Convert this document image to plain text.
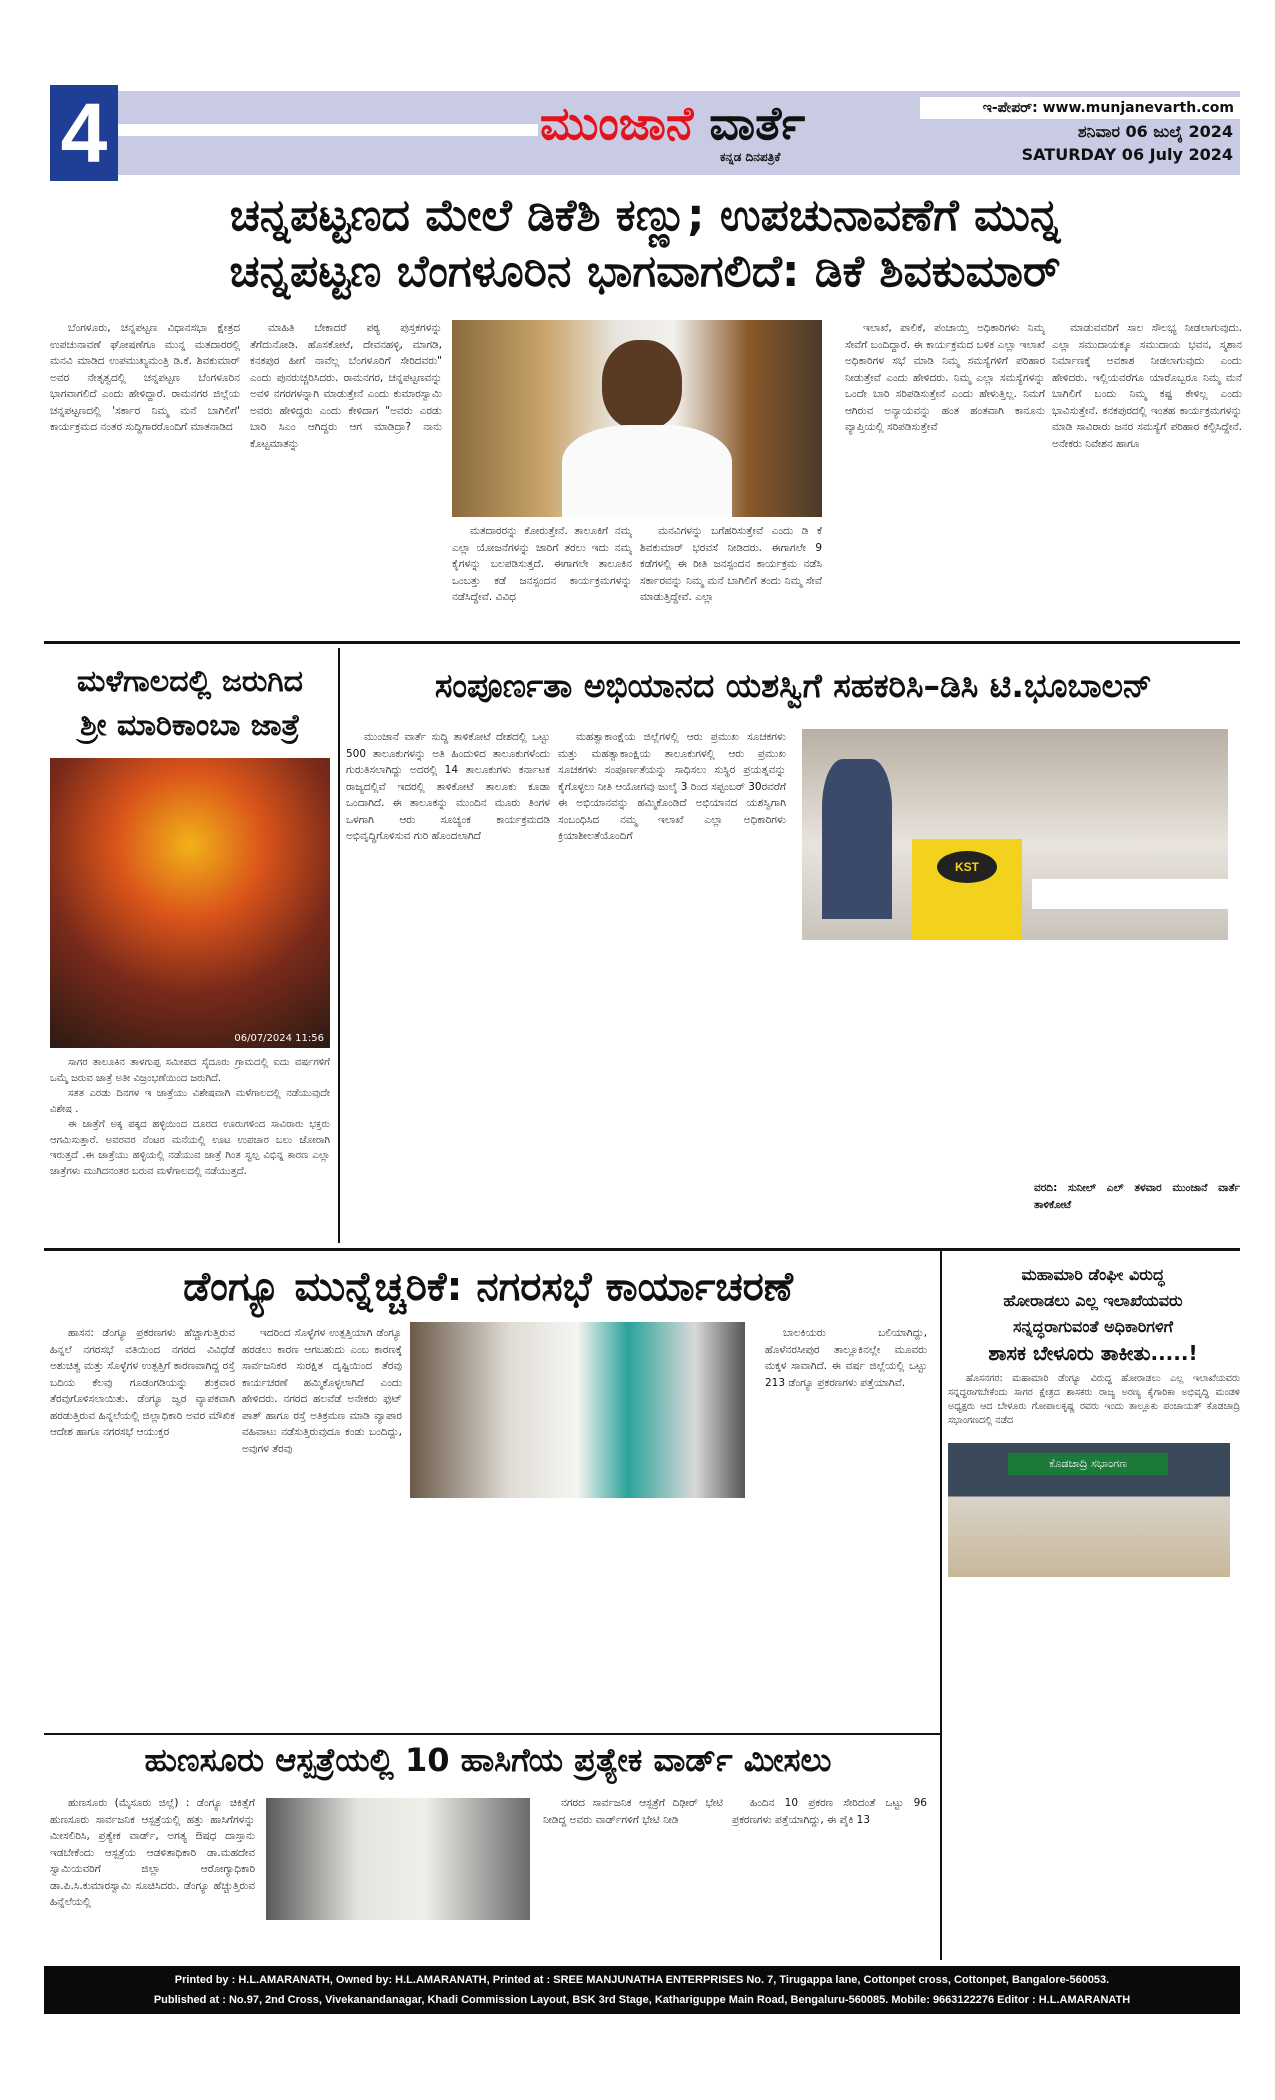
4	ಮುಂಜಾನೆ ವಾರ್ತೆ
ಕನ್ನಡ ದಿನಪತ್ರಿಕೆ
ಇ-ಪೇಪರ್: www.munjanevarth.com
ಶನಿವಾರ 06 ಜುಲೈ 2024
SATURDAY 06 July 2024
ಚನ್ನಪಟ್ಟಣದ ಮೇಲೆ ಡಿಕೆಶಿ ಕಣ್ಣು; ಉಪಚುನಾವಣೆಗೆ ಮುನ್ನ
ಚನ್ನಪಟ್ಟಣ ಬೆಂಗಳೂರಿನ ಭಾಗವಾಗಲಿದೆ: ಡಿಕೆ ಶಿವಕುಮಾರ್

ಬೆಂಗಳೂರು, ಚನ್ನಪಟ್ಟಣ ವಿಧಾನಸಭಾ ಕ್ಷೇತ್ರದ ಉಪಚುನಾವಣೆ ಘೋಷಣೆಗೂ ಮುನ್ನ ಮತದಾರರಲ್ಲಿ ಮನವಿ ಮಾಡಿದ ಉಪಮುಖ್ಯಮಂತ್ರಿ ಡಿ.ಕೆ. ಶಿವಕುಮಾರ್ ಅವರ ನೇತೃತ್ವದಲ್ಲಿ ಚನ್ನಪಟ್ಟಣ ಬೆಂಗಳೂರಿನ ಭಾಗವಾಗಲಿದೆ ಎಂದು ಹೇಳಿದ್ದಾರೆ. ರಾಮನಗರ ಜಿಲ್ಲೆಯ ಚನ್ನಪಟ್ಟಣದಲ್ಲಿ 'ಸರ್ಕಾರ ನಿಮ್ಮ ಮನೆ ಬಾಗಿಲಿಗೆ' ಕಾರ್ಯಕ್ರಮದ ನಂತರ ಸುದ್ದಿಗಾರರೊಂದಿಗೆ ಮಾತನಾಡಿದ

ಮಾಹಿತಿ ಬೇಕಾದರೆ ಪಠ್ಯ ಪುಸ್ತಕಗಳನ್ನು ತೆಗೆದುನೋಡಿ. ಹೊಸಕೋಟೆ, ದೇವನಹಳ್ಳಿ, ಮಾಗಡಿ, ಕನಕಪುರ ಹೀಗೆ ನಾವೆಲ್ಲ ಬೆಂಗಳೂರಿಗೆ ಸೇರಿದವರು" ಎಂದು ಪುನರುಚ್ಚರಿಸಿದರು. ರಾಮನಗರ, ಚನ್ನಪಟ್ಟಣವನ್ನು ಅವಳಿ ನಗರಗಳನ್ನಾಗಿ ಮಾಡುತ್ತೇನೆ ಎಂದು ಕುಮಾರಸ್ವಾಮಿ ಅವರು ಹೇಳಿದ್ದರು ಎಂದು ಕೇಳಿದಾಗ "ಅವರು ಎರಡು ಬಾರಿ ಸಿಎಂ ಆಗಿದ್ದರು ಆಗ ಮಾಡಿದ್ರಾ? ನಾನು ಕೊಟ್ಟಮಾತನ್ನು

ಮತದಾರರನ್ನು ಕೋರುತ್ತೇನೆ. ತಾಲೂಕಿಗೆ ನಮ್ಮ ಎಲ್ಲಾ ಯೋಜನೆಗಳನ್ನು ಜಾರಿಗೆ ತರಲು ಇದು ನಮ್ಮ ಕೈಗಳನ್ನು ಬಲಪಡಿಸುತ್ತದೆ. ಈಗಾಗಲೇ ತಾಲೂಕಿನ ಒಂಬತ್ತು ಕಡೆ ಜನಸ್ಪಂದನ ಕಾರ್ಯಕ್ರಮಗಳನ್ನು ನಡೆಸಿದ್ದೇವೆ. ವಿವಿಧ

ಮನವಿಗಳನ್ನು ಬಗೆಹರಿಸುತ್ತೇವೆ ಎಂದು ಡಿ ಕೆ ಶಿವಕುಮಾರ್ ಭರವಸೆ ನೀಡಿದರು. ಈಗಾಗಲೇ 9 ಕಡೆಗಳಲ್ಲಿ ಈ ರೀತಿ ಜನಸ್ಪಂದನ ಕಾರ್ಯಕ್ರಮ ನಡೆಸಿ ಸರ್ಕಾರವನ್ನು ನಿಮ್ಮ ಮನೆ ಬಾಗಿಲಿಗೆ ತಂದು ನಿಮ್ಮ ಸೇವೆ ಮಾಡುತ್ತಿದ್ದೇವೆ. ಎಲ್ಲಾ

ಇಲಾಖೆ, ಪಾಲಿಕೆ, ಪಂಚಾಯ್ತಿ ಅಧಿಕಾರಿಗಳು ನಿಮ್ಮ ಸೇವೆಗೆ ಬಂದಿದ್ದಾರೆ. ಈ ಕಾರ್ಯಕ್ರಮದ ಬಳಿಕ ಎಲ್ಲಾ ಇಲಾಖೆ ಅಧಿಕಾರಿಗಳ ಸಭೆ ಮಾಡಿ ನಿಮ್ಮ ಸಮಸ್ಯೆಗಳಿಗೆ ಪರಿಹಾರ ನೀಡುತ್ತೇವೆ ಎಂದು ಹೇಳಿದರು. ನಿಮ್ಮ ಎಲ್ಲಾ ಸಮಸ್ಯೆಗಳನ್ನು ಒಂದೇ ಬಾರಿ ಸರಿಪಡಿಸುತ್ತೇನೆ ಎಂದು ಹೇಳುತ್ತಿಲ್ಲ. ನಿಮಗೆ ಆಗಿರುವ ಅನ್ಯಾಯವನ್ನು ಹಂತ ಹಂತವಾಗಿ ಕಾನೂನು ವ್ಯಾಪ್ತಿಯಲ್ಲಿ ಸರಿಪಡಿಸುತ್ತೇವೆ

ಮಾಡುವವರಿಗೆ ಸಾಲ ಸೌಲಭ್ಯ ನೀಡಲಾಗುವುದು. ಎಲ್ಲಾ ಸಮುದಾಯಕ್ಕೂ ಸಮುದಾಯ ಭವನ, ಸ್ಮಶಾನ ನಿರ್ಮಾಣಕ್ಕೆ ಅವಕಾಶ ನೀಡಲಾಗುವುದು ಎಂದು ಹೇಳಿದರು. ಇಲ್ಲಿಯವರೆಗೂ ಯಾರೊಬ್ಬರೂ ನಿಮ್ಮ ಮನೆ ಬಾಗಿಲಿಗೆ ಬಂದು ನಿಮ್ಮ ಕಷ್ಟ ಕೇಳಿಲ್ಲ ಎಂದು ಭಾವಿಸುತ್ತೇನೆ. ಕನಕಪುರದಲ್ಲಿ ಇಂತಹ ಕಾರ್ಯಕ್ರಮಗಳನ್ನು ಮಾಡಿ ಸಾವಿರಾರು ಜನರ ಸಮಸ್ಯೆಗೆ ಪರಿಹಾರ ಕಲ್ಪಿಸಿದ್ದೇನೆ. ಅನೇಕರು ನಿವೇಶನ ಹಾಗೂ

ಮಳೆಗಾಲದಲ್ಲಿ ಜರುಗಿದ
ಶ್ರೀ ಮಾರಿಕಾಂಬಾ ಜಾತ್ರೆ
06/07/2024 11:56

ಸಾಗರ ತಾಲೂಕಿನ ತಾಳಗುಪ್ಪ ಸಮೀಪದ ಸೈದೂರು ಗ್ರಾಮದಲ್ಲಿ ಐದು ವರ್ಷಗಳಿಗೆ ಒಮ್ಮೆ ಜರುವ ಜಾತ್ರೆ ಅತೀ ವಿಜ್ರಂಭಣೆಯಿಂದ ಜರುಗಿದೆ.

ಸತತ ಎರಡು ದಿನಗಳ ಇ ಜಾತ್ರೆಯು ವಿಶೇಷವಾಗಿ ಮಳೆಗಾಲದಲ್ಲಿ ನಡೆಯುವುದೇ ವಿಶೇಷ .

ಈ ಜಾತ್ರೆಗೆ ಅಕ್ಕ ಪಕ್ಕದ ಹಳ್ಳಿಯಿಂದ ದೂರದ ಊರುಗಳಿಂದ ಸಾವಿರಾರು ಭಕ್ತರು ಆಗಮಿಸುತ್ತಾರೆ. ಅವರವರ ನೆಂಟರ ಮನೆಯಲ್ಲಿ ಊಟ ಉಪಚಾರ ಬಲು ಜೋರಾಗಿ ಇರುತ್ತದೆ .ಈ ಜಾತ್ರೆಯು ಹಳ್ಳಿಯಲ್ಲಿ ನಡೆಯುವ ಜಾತ್ರೆ ಗಿಂತ ಸ್ವಲ್ಪ ವಿಭಿನ್ನ ಕಾರಣ ಎಲ್ಲಾ ಜಾತ್ರೆಗಳು ಮುಗಿದನಂತರ ಬರುವ ಮಳೆಗಾಲದಲ್ಲಿ ನಡೆಯುತ್ತದೆ.

ಸಂಪೂರ್ಣತಾ ಅಭಿಯಾನದ ಯಶಸ್ವಿಗೆ ಸಹಕರಿಸಿ–ಡಿಸಿ ಟಿ.ಭೂಬಾಲನ್

ಮುಂಜಾನೆ ವಾರ್ತೆ ಸುದ್ದಿ ತಾಳಿಕೋಟೆ ದೇಶದಲ್ಲಿ ಒಟ್ಟು 500 ತಾಲೂಕುಗಳನ್ನು ಅತಿ ಹಿಂದುಳಿದ ತಾಲೂಕುಗಳೆಂದು ಗುರುತಿಸಲಾಗಿದ್ದು ಅದರಲ್ಲಿ 14 ತಾಲೂಕುಗಳು ಕರ್ನಾಟಕ ರಾಜ್ಯದಲ್ಲಿವೆ ಇದರಲ್ಲಿ ತಾಳಿಕೋಟೆ ತಾಲೂಕು ಕೂಡಾ ಒಂದಾಗಿದೆ. ಈ ತಾಲೂಕನ್ನು ಮುಂದಿನ ಮೂರು ತಿಂಗಳ ಒಳಗಾಗಿ ಆರು ಸೂಚ್ಯಂಕ ಕಾರ್ಯಕ್ರಮದಡಿ ಅಭಿವೃದ್ಧಿಗೊಳಿಸುವ ಗುರಿ ಹೊಂದಲಾಗಿದೆ

ಮಹತ್ವಾಕಾಂಕ್ಷೆಯ ಜಿಲ್ಲೆಗಳಲ್ಲಿ ಆರು ಪ್ರಮುಖ ಸೂಚಕಗಳು ಮತ್ತು ಮಹತ್ವಾಕಾಂಕ್ಷಿಯ ತಾಲೂಕುಗಳಲ್ಲಿ ಆರು ಪ್ರಮುಖ ಸೂಚಕಗಳು ಸಂಪೂರ್ಣತೆಯನ್ನು ಸಾಧಿಸಲು ಸುಸ್ಥಿರ ಪ್ರಯತ್ನವನ್ನು ಕೈಗೊಳ್ಳಲು ನೀತಿ ಆಯೋಗವು ಜುಲೈ 3 ರಿಂದ ಸಪ್ಟಂಬರ್ 30ರವರೆಗೆ ಈ ಅಭಿಯಾನವನ್ನು ಹಮ್ಮಿಕೊಂಡಿದೆ ಅಭಿಯಾನದ ಯಶಸ್ವಿಗಾಗಿ ಸಂಬಂಧಿಸಿದ ನಮ್ಮ ಇಲಾಖೆ ಎಲ್ಲಾ ಅಧಿಕಾರಿಗಳು ಕ್ರಿಯಾಶೀಲತೆಯೊಂದಿಗೆ

KST
ವರದಿ: ಸುನೀಲ್ ಎಲ್ ತಳವಾರ ಮುಂಜಾನೆ ವಾರ್ತೆ ತಾಳಿಕೋಟೆ
ಡೆಂಗ್ಯೂ ಮುನ್ನೆಚ್ಚರಿಕೆ: ನಗರಸಭೆ ಕಾರ್ಯಾಚರಣೆ

ಹಾಸನ: ಡೆಂಗ್ಯೂ ಪ್ರಕರಣಗಳು ಹೆಚ್ಚಾಗುತ್ತಿರುವ ಹಿನ್ನಲೆ ನಗರಸಭೆ ವತಿಯಿಂದ ನಗರದ ವಿವಿಧೆಡೆ ಅಶುಚಿತ್ವ ಮತ್ತು ಸೊಳ್ಳೆಗಳ ಉತ್ಪತ್ತಿಗೆ ಕಾರಣವಾಗಿದ್ದ ರಸ್ತೆ ಬದಿಯ ಕೆಲವು ಗೂಡಂಗಡಿಯನ್ನು ಶುಕ್ರವಾರ ತೆರವುಗೊಳಿಸಲಾಯಿತು. ಡೆಂಗ್ಯೂ ಜ್ವರ ವ್ಯಾಪಕವಾಗಿ ಹರಡುತ್ತಿರುವ ಹಿನ್ನಲೆಯಲ್ಲಿ ಜಿಲ್ಲಾಧಿಕಾರಿ ಅವರ ಮೌಖಿಕ ಆದೇಶ ಹಾಗೂ ನಗರಸಭೆ ಆಯುಕ್ತರ

ಇದರಿಂದ ಸೊಳ್ಳೆಗಳ ಉತ್ಪತ್ತಿಯಾಗಿ ಡೆಂಗ್ಯೂ ಹರಡಲು ಕಾರಣ ಆಗಬಹುದು ಎಂಬ ಕಾರಣಕ್ಕೆ ಸಾರ್ವಜನಿಕರ ಸುರಕ್ಷಿತ ದೃಷ್ಟಿಯಿಂದ ತೆರವು ಕಾರ್ಯಚರಣೆ ಹಮ್ಮಿಕೊಳ್ಳಲಾಗಿದೆ ಎಂದು ಹೇಳಿದರು. ನಗರದ ಹಲವೆಡೆ ಅನೇಕರು ಫುಟ್ ಪಾತ್ ಹಾಗೂ ರಸ್ತೆ ಅತಿಕ್ರಮಣ ಮಾಡಿ ವ್ಯಾಪಾರ ವಹಿವಾಟು ನಡೆಸುತ್ತಿರುವುದೂ ಕಂಡು ಬಂದಿದ್ದು, ಅವುಗಳ ತೆರವು

ಬಾಲಕಿಯರು ಬಲಿಯಾಗಿದ್ದು, ಹೊಳೆನರಸೀಪುರ ತಾಲ್ಲೂಕಿನಲ್ಲೇ ಮೂವರು ಮಕ್ಕಳ ಸಾವಾಗಿದೆ. ಈ ವರ್ಷ ಜಿಲ್ಲೆಯಲ್ಲಿ ಒಟ್ಟು 213 ಡೆಂಗ್ಯೂ ಪ್ರಕರಣಗಳು ಪತ್ತೆಯಾಗಿವೆ.

ಮಹಾಮಾರಿ ಡೆಂಘೀ ವಿರುದ್ಧ
ಹೋರಾಡಲು ಎಲ್ಲ ಇಲಾಖೆಯವರು
ಸನ್ನದ್ಧರಾಗುವಂತೆ ಅಧಿಕಾರಿಗಳಿಗೆ
ಶಾಸಕ ಬೇಳೂರು ತಾಕೀತು.....!

ಹೊಸನಗರ: ಮಹಾಮಾರಿ ಡೆಂಗ್ಯೂ ವಿರುದ್ಧ ಹೋರಾಡಲು ಎಲ್ಲ ಇಲಾಖೆಯವರು ಸನ್ನದ್ಧರಾಗಬೇಕೆಂದು ಸಾಗರ ಕ್ಷೇತ್ರದ ಶಾಸಕರು ರಾಜ್ಯ ಅರಣ್ಯ ಕೈಗಾರಿಕಾ ಅಭಿವೃದ್ಧಿ ಮಂಡಳಿ ಅಧ್ಯಕ್ಷರು ಆದ ಬೇಳೂರು ಗೋಪಾಲಕೃಷ್ಣ ರವರು ಇಂದು ತಾಲ್ಲೂಕು ಪಂಚಾಯತ್ ಕೊಡಚಾದ್ರಿ ಸಭಾಂಗಣದಲ್ಲಿ ನಡೆದ

ಕೊಡಚಾದ್ರಿ ಸಭಾಂಗಣ
ಹುಣಸೂರು ಆಸ್ಪತ್ರೆಯಲ್ಲಿ 10 ಹಾಸಿಗೆಯ ಪ್ರತ್ಯೇಕ ವಾರ್ಡ್ ಮೀಸಲು

ಹುಣಸೂರು (ಮೈಸೂರು ಜಿಲ್ಲೆ) : ಡೆಂಗ್ಯೂ ಚಿಕಿತ್ಸೆಗೆ ಹುಣಸೂರು ಸಾರ್ವಜನಿಕ ಆಸ್ಪತ್ರೆಯಲ್ಲಿ ಹತ್ತು ಹಾಸಿಗೆಗಳನ್ನು ಮೀಸಲಿರಿಸಿ, ಪ್ರತ್ಯೇಕ ವಾರ್ಡ್, ಅಗತ್ಯ ಔಷಧ ದಾಸ್ತಾನು ಇಡಬೇಕೆಂದು ಆಸ್ಪತ್ರೆಯ ಆಡಳಿತಾಧಿಕಾರಿ ಡಾ.ಮಹದೇವ ಸ್ವಾಮಿಯವರಿಗೆ ಜಿಲ್ಲಾ ಆರೋಗ್ಯಾಧಿಕಾರಿ ಡಾ.ಪಿ.ಸಿ.ಕುಮಾರಸ್ವಾಮಿ ಸೂಚಿಸಿದರು. ಡೆಂಗ್ಯೂ ಹೆಚ್ಚುತ್ತಿರುವ ಹಿನ್ನೆಲೆಯಲ್ಲಿ

ನಗರದ ಸಾರ್ವಜನಿಕ ಆಸ್ಪತ್ರೆಗೆ ದಿಢೀರ್ ಭೇಟಿ ನೀಡಿದ್ದ ಅವರು ವಾರ್ಡ್‌ಗಳಿಗೆ ಭೇಟಿ ನೀಡಿ

ಹಿಂದಿನ 10 ಪ್ರಕರಣ ಸೇರಿದಂತೆ ಒಟ್ಟು 96 ಪ್ರಕರಣಗಳು ಪತ್ತೆಯಾಗಿದ್ದು, ಈ ಪೈಕಿ 13

Printed by : H.L.AMARANATH, Owned by: H.L.AMARANATH, Printed at : SREE MANJUNATHA ENTERPRISES No. 7, Tirugappa lane, Cottonpet cross, Cottonpet, Bangalore-560053.
Published at : No.97, 2nd Cross, Vivekanandanagar, Khadi Commission Layout, BSK 3rd Stage, Kathariguppe Main Road, Bengaluru-560085. Mobile: 9663122276 Editor : H.L.AMARANATH
